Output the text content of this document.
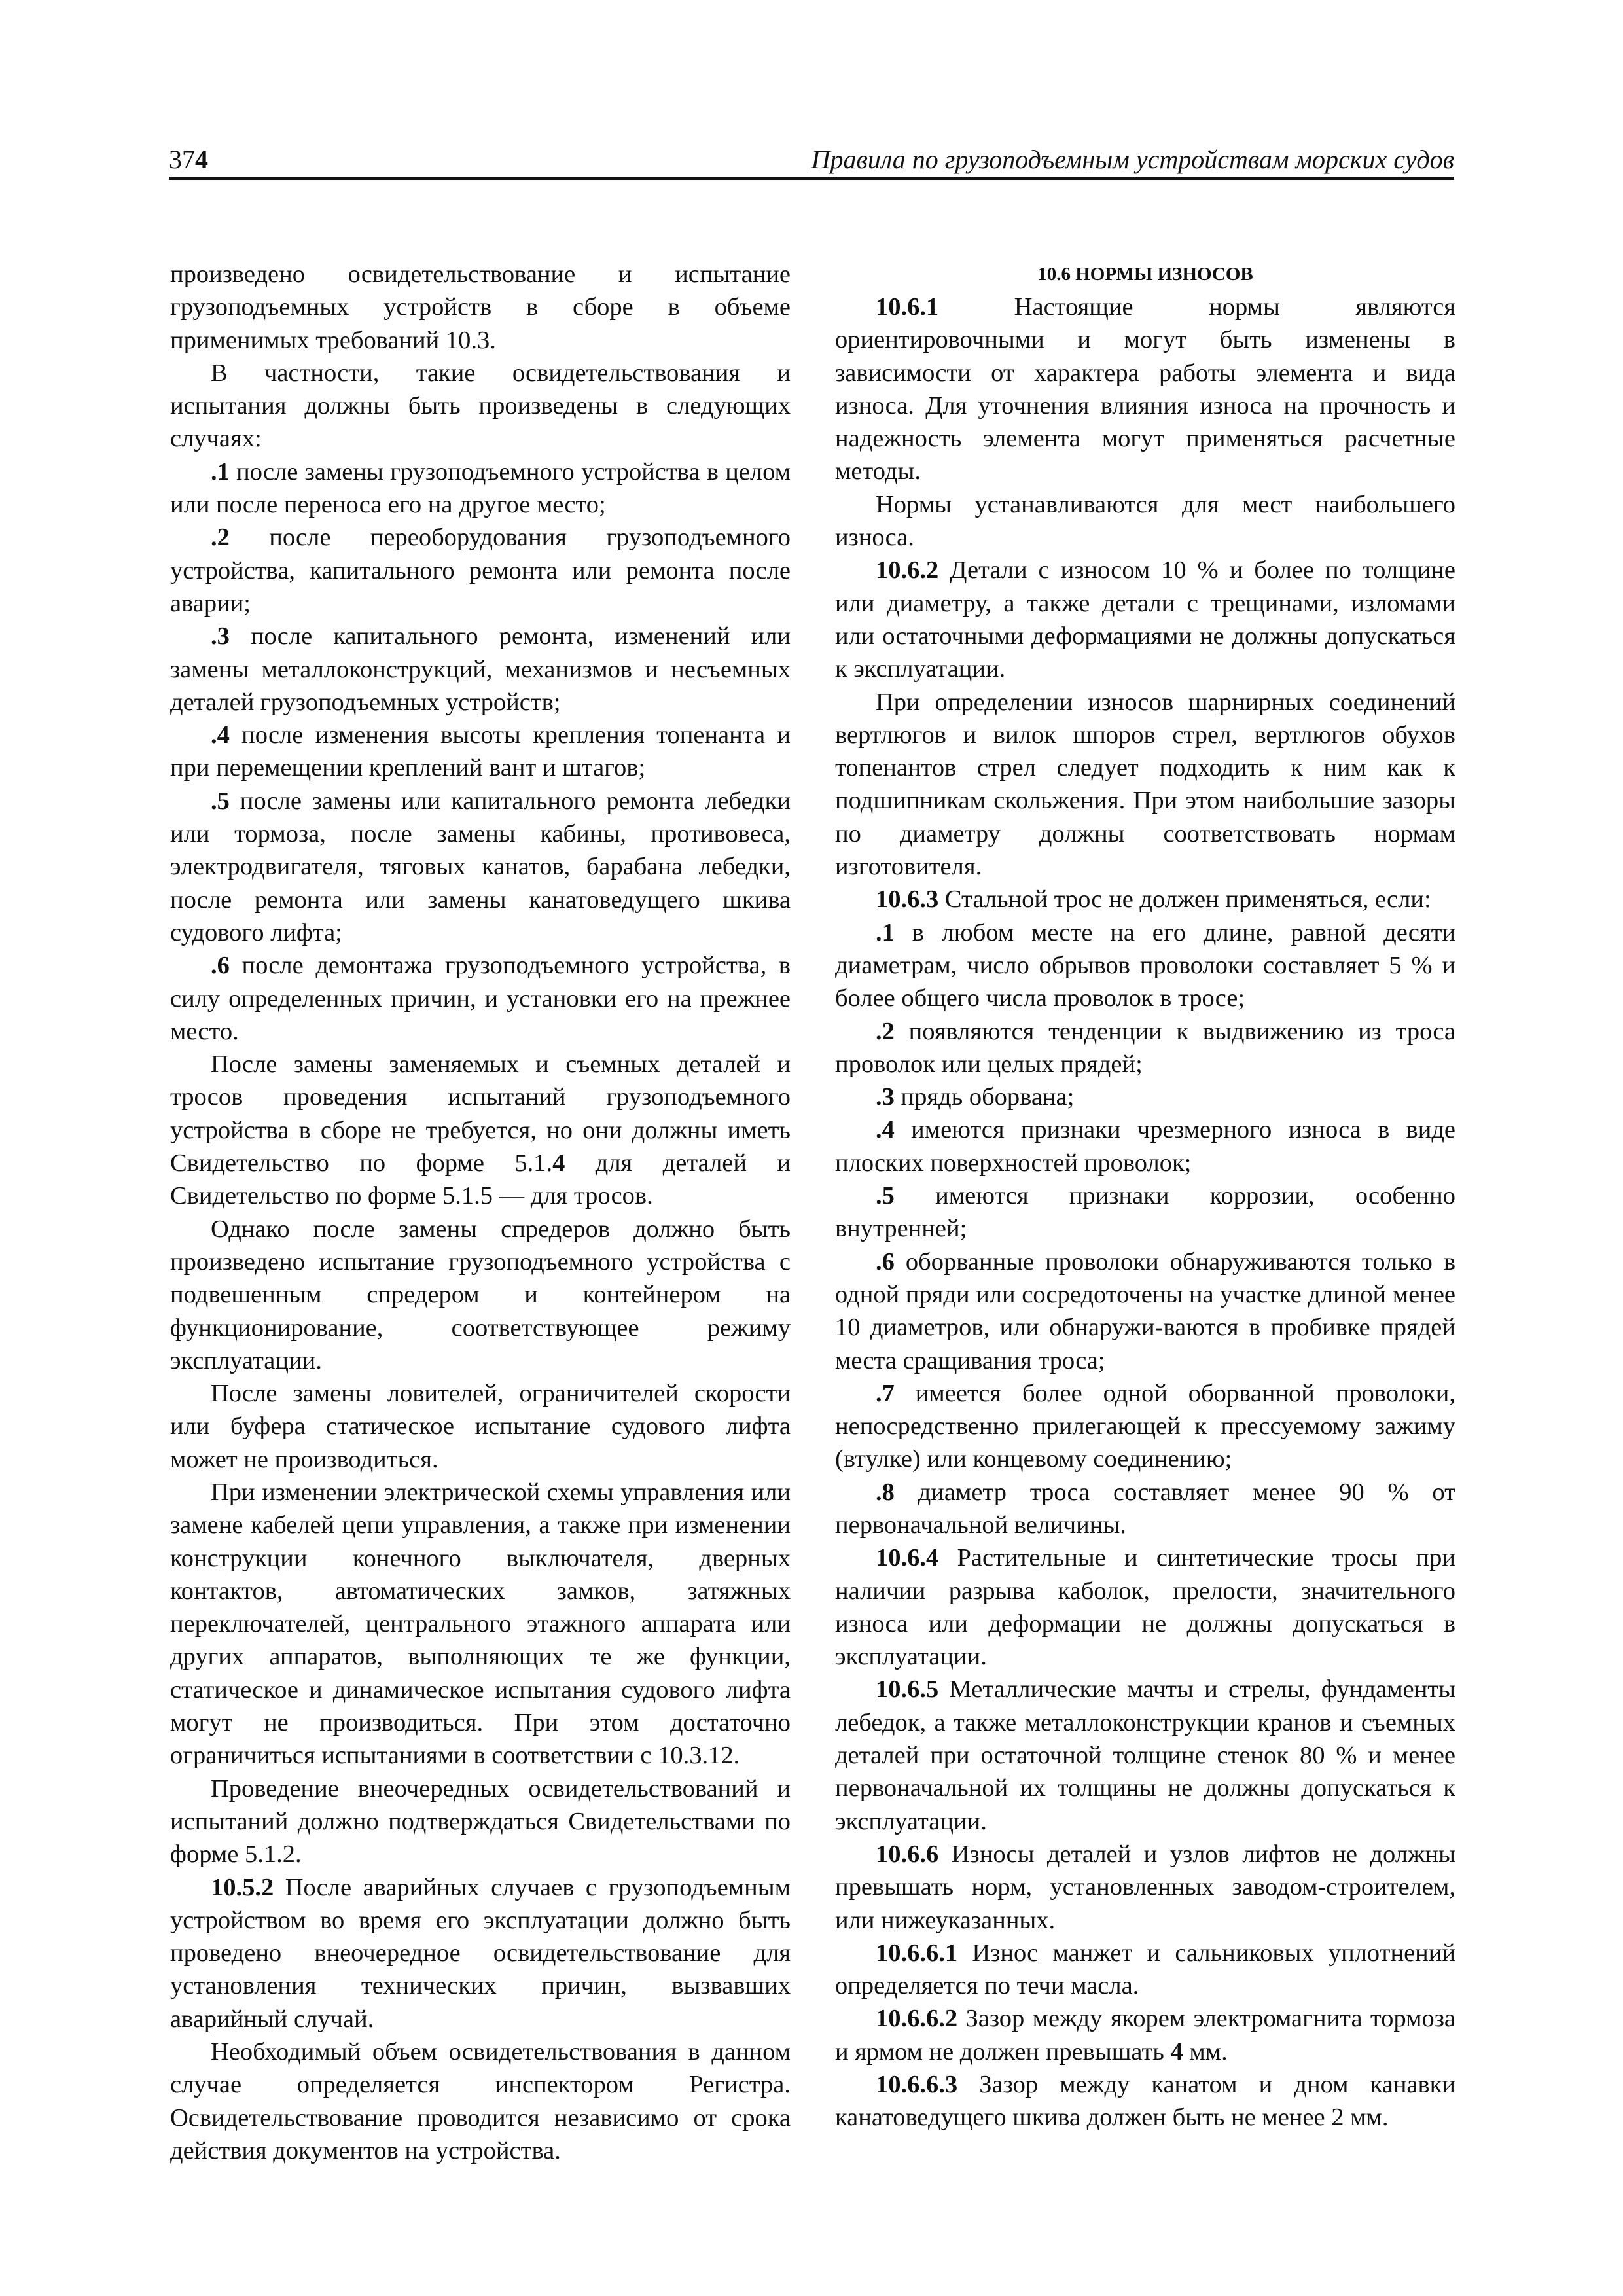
374	Правила по грузоподъемным устройствам морских судов

произведено освидетельствование и испытание грузоподъемных устройств в сборе в объеме применимых требований 10.3.

В частности, такие освидетельствования и испытания должны быть произведены в следующих случаях:

.1 после замены грузоподъемного устройства в целом или после переноса его на другое место;

.2 после переоборудования грузоподъемного устройства, капитального ремонта или ремонта после аварии;

.3 после капитального ремонта, изменений или замены металлоконструкций, механизмов и несъемных деталей грузоподъемных устройств;

.4 после изменения высоты крепления топенанта и при перемещении креплений вант и штагов;

.5 после замены или капитального ремонта лебедки или тормоза, после замены кабины, противовеса, электродвигателя, тяговых канатов, барабана лебедки, после ремонта или замены канатоведущего шкива судового лифта;

.6 после демонтажа грузоподъемного устройства, в силу определенных причин, и установки его на прежнее место.

После замены заменяемых и съемных деталей и тросов проведения испытаний грузоподъемного устройства в сборе не требуется, но они должны иметь Свидетельство по форме 5.1.4 для деталей и Свидетельство по форме 5.1.5 — для тросов.

Однако после замены спредеров должно быть произведено испытание грузоподъемного устройства с подвешенным спредером и контейнером на функционирование, соответствующее режиму эксплуатации.

После замены ловителей, ограничителей скорости или буфера статическое испытание судового лифта может не производиться.

При изменении электрической схемы управления или замене кабелей цепи управления, а также при изменении конструкции конечного выключателя, дверных контактов, автоматических замков, затяжных переключателей, центрального этажного аппарата или других аппаратов, выполняющих те же функции, статическое и динамическое испытания судового лифта могут не производиться. При этом достаточно ограничиться испытаниями в соответствии с 10.3.12.

Проведение внеочередных освидетельствований и испытаний должно подтверждаться Свидетельствами по форме 5.1.2.

10.5.2 После аварийных случаев с грузоподъемным устройством во время его эксплуатации должно быть проведено внеочередное освидетельствование для установления технических причин, вызвавших аварийный случай.

Необходимый объем освидетельствования в данном случае определяется инспектором Регистра. Освидетельствование проводится независимо от срока действия документов на устройства.

10.6 НОРМЫ ИЗНОСОВ

10.6.1 Настоящие нормы являются ориентировочными и могут быть изменены в зависимости от характера работы элемента и вида износа. Для уточнения влияния износа на прочность и надежность элемента могут применяться расчетные методы.

Нормы устанавливаются для мест наибольшего износа.

10.6.2 Детали с износом 10 % и более по толщине или диаметру, а также детали с трещинами, изломами или остаточными деформациями не должны допускаться к эксплуатации.

При определении износов шарнирных соединений вертлюгов и вилок шпоров стрел, вертлюгов обухов топенантов стрел следует подходить к ним как к подшипникам скольжения. При этом наибольшие зазоры по диаметру должны соответствовать нормам изготовителя.

10.6.3 Стальной трос не должен применяться, если:

.1 в любом месте на его длине, равной десяти диаметрам, число обрывов проволоки составляет 5 % и более общего числа проволок в тросе;

.2 появляются тенденции к выдвижению из троса проволок или целых прядей;

.3 прядь оборвана;

.4 имеются признаки чрезмерного износа в виде плоских поверхностей проволок;

.5 имеются признаки коррозии, особенно внутренней;

.6 оборванные проволоки обнаруживаются только в одной пряди или сосредоточены на участке длиной менее 10 диаметров, или обнаружи-ваются в пробивке прядей места сращивания троса;

.7 имеется более одной оборванной проволоки, непосредственно прилегающей к прессуемому зажиму (втулке) или концевому соединению;

.8 диаметр троса составляет менее 90 % от первоначальной величины.

10.6.4 Растительные и синтетические тросы при наличии разрыва каболок, прелости, значительного износа или деформации не должны допускаться в эксплуатации.

10.6.5 Металлические мачты и стрелы, фундаменты лебедок, а также металлоконструкции кранов и съемных деталей при остаточной толщине стенок 80 % и менее первоначальной их толщины не должны допускаться к эксплуатации.

10.6.6 Износы деталей и узлов лифтов не должны превышать норм, установленных заводом-строителем, или нижеуказанных.

10.6.6.1 Износ манжет и сальниковых уплотнений определяется по течи масла.

10.6.6.2 Зазор между якорем электромагнита тормоза и ярмом не должен превышать 4 мм.

10.6.6.3 Зазор между канатом и дном канавки канатоведущего шкива должен быть не менее 2 мм.
